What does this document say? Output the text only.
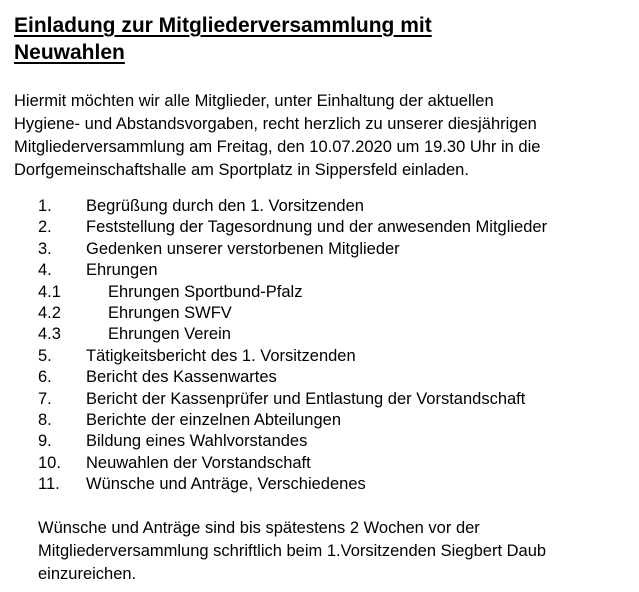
Einladung zur Mitgliederversammlung mit
Neuwahlen

Hiermit möchten wir alle Mitglieder, unter Einhaltung der aktuellen
Hygiene- und Abstandsvorgaben, recht herzlich zu unserer diesjährigen
Mitgliederversammlung am Freitag, den 10.07.2020 um 19.30 Uhr in die
Dorfgemeinschaftshalle am Sportplatz in Sippersfeld einladen.

1. Begrüßung durch den 1. Vorsitzenden
2. Feststellung der Tagesordnung und der anwesenden Mitglieder
3. Gedenken unserer verstorbenen Mitglieder
4. Ehrungen
4.1	Ehrungen Sportbund-Pfalz
4.2	Ehrungen SWFV
4.3	Ehrungen Verein
5. Tätigkeitsbericht des 1. Vorsitzenden
6. Bericht des Kassenwartes
7. Bericht der Kassenprüfer und Entlastung der Vorstandschaft
8. Berichte der einzelnen Abteilungen
9. Bildung eines Wahlvorstandes
10. Neuwahlen der Vorstandschaft
11. Wünsche und Anträge, Verschiedenes

Wünsche und Anträge sind bis spätestens 2 Wochen vor der
Mitgliederversammlung schriftlich beim 1.Vorsitzenden Siegbert Daub
einzureichen.
